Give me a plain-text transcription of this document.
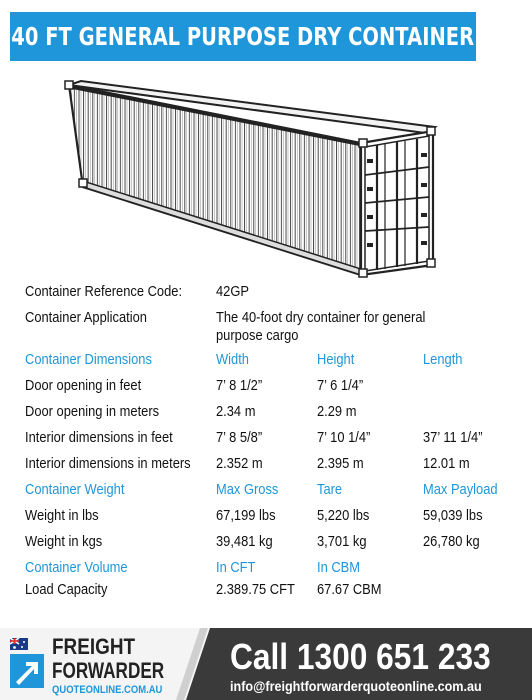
40 FT GENERAL PURPOSE DRY CONTAINER
Container Reference Code: 42GP
Container Application	The 40-foot dry container for general purpose cargo
Container Dimensions	Width	Height	Length
Door opening in feet	7’ 8 1/2”	7’ 6 1/4”
Door opening in meters	2.34 m	2.29 m
Interior dimensions in feet	7’ 8 5/8”	7’ 10 1/4”	37’ 11 1/4”
Interior dimensions in meters 2.352 m	2.395 m	12.01 m
Container Weight	Max Gross	Tare	Max Payload
Weight in lbs	67,199 lbs	5,220 lbs	59,039 lbs
Weight in kgs	39,481 kg	3,701 kg	26,780 kg
Container Volume	In CFT	In CBM
Load Capacity	2.389.75 CFT 67.67 CBM
FREIGHT
FORWARDER
QUOTEONLINE.COM.AU
Call 1300 651 233
info@freightforwarderquoteonline.com.au
